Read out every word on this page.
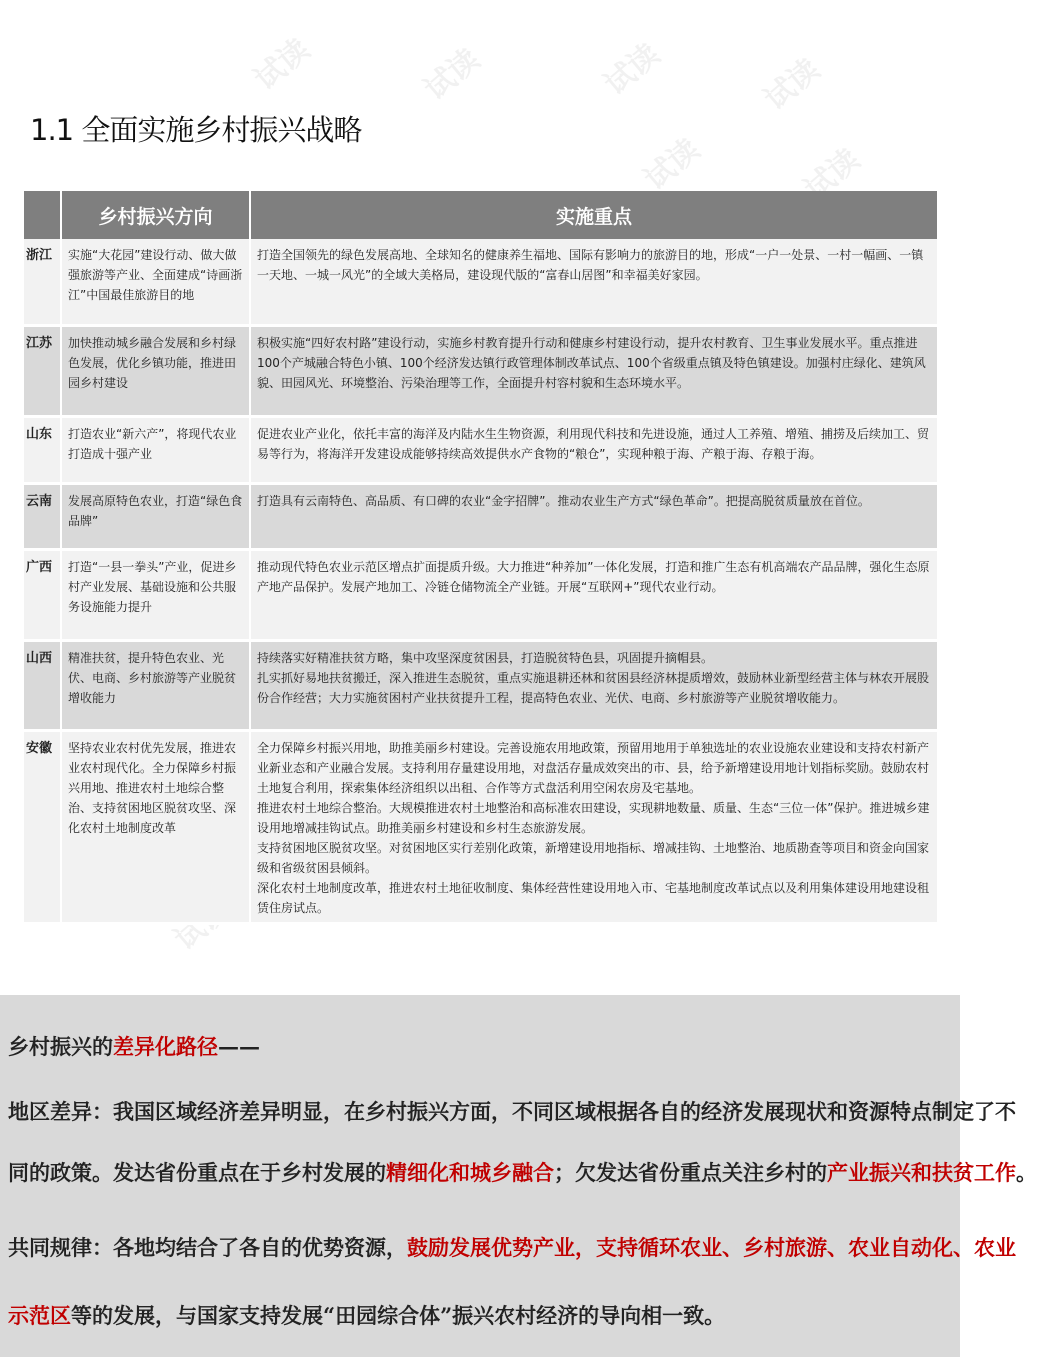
试读	试读	试读	试读
试读	试读
试读
1.1 全面实施乡村振兴战略
	乡村振兴方向	实施重点
浙江	实施“大花园”建设行动、做大做强旅游等产业、全面建成“诗画浙江”中国最佳旅游目的地	打造全国领先的绿色发展高地、全球知名的健康养生福地、国际有影响力的旅游目的地，形成“一户一处景、一村一幅画、一镇一天地、一城一风光”的全域大美格局，建设现代版的“富春山居图”和幸福美好家园。

江苏	加快推动城乡融合发展和乡村绿色发展，优化乡镇功能，推进田园乡村建设	积极实施“四好农村路”建设行动，实施乡村教育提升行动和健康乡村建设行动，提升农村教育、卫生事业发展水平。重点推进100个产城融合特色小镇、100个经济发达镇行政管理体制改革试点、100个省级重点镇及特色镇建设。加强村庄绿化、建筑风貌、田园风光、环境整治、污染治理等工作，全面提升村容村貌和生态环境水平。

山东	打造农业“新六产”，将现代农业打造成十强产业	促进农业产业化，依托丰富的海洋及内陆水生生物资源，利用现代科技和先进设施，通过人工养殖、增殖、捕捞及后续加工、贸易等行为，将海洋开发建设成能够持续高效提供水产食物的“粮仓”，实现种粮于海、产粮于海、存粮于海。

云南	发展高原特色农业，打造“绿色食品牌”	打造具有云南特色、高品质、有口碑的农业“金字招牌”。推动农业生产方式“绿色革命”。把提高脱贫质量放在首位。

广西	打造“一县一拳头”产业，促进乡村产业发展、基础设施和公共服务设施能力提升	推动现代特色农业示范区增点扩面提质升级。大力推进“种养加”一体化发展，打造和推广生态有机高端农产品品牌，强化生态原产地产品保护。发展产地加工、冷链仓储物流全产业链。开展“互联网+”现代农业行动。

山西	精准扶贫，提升特色农业、光伏、电商、乡村旅游等产业脱贫增收能力	持续落实好精准扶贫方略，集中攻坚深度贫困县，打造脱贫特色县，巩固提升摘帽县。
扎实抓好易地扶贫搬迁，深入推进生态脱贫，重点实施退耕还林和贫困县经济林提质增效，鼓励林业新型经营主体与林农开展股份合作经营；大力实施贫困村产业扶贫提升工程，提高特色农业、光伏、电商、乡村旅游等产业脱贫增收能力。

安徽	坚持农业农村优先发展，推进农业农村现代化。全力保障乡村振兴用地、推进农村土地综合整治、支持贫困地区脱贫攻坚、深化农村土地制度改革	全力保障乡村振兴用地，助推美丽乡村建设。完善设施农用地政策，预留用地用于单独选址的农业设施农业建设和支持农村新产业新业态和产业融合发展。支持利用存量建设用地，对盘活存量成效突出的市、县，给予新增建设用地计划指标奖励。鼓励农村土地复合利用，探索集体经济组织以出租、合作等方式盘活利用空闲农房及宅基地。
推进农村土地综合整治。大规模推进农村土地整治和高标准农田建设，实现耕地数量、质量、生态“三位一体”保护。推进城乡建设用地增减挂钩试点。助推美丽乡村建设和乡村生态旅游发展。
支持贫困地区脱贫攻坚。对贫困地区实行差别化政策，新增建设用地指标、增减挂钩、土地整治、地质勘查等项目和资金向国家级和省级贫困县倾斜。
深化农村土地制度改革，推进农村土地征收制度、集体经营性建设用地入市、宅基地制度改革试点以及利用集体建设用地建设租赁住房试点。
乡村振兴的差异化路径——
地区差异：我国区域经济差异明显，在乡村振兴方面，不同区域根据各自的经济发展现状和资源特点制定了不
同的政策。发达省份重点在于乡村发展的精细化和城乡融合；欠发达省份重点关注乡村的产业振兴和扶贫工作。
共同规律：各地均结合了各自的优势资源，鼓励发展优势产业，支持循环农业、乡村旅游、农业自动化、农业
示范区等的发展，与国家支持发展“田园综合体”振兴农村经济的导向相一致。
